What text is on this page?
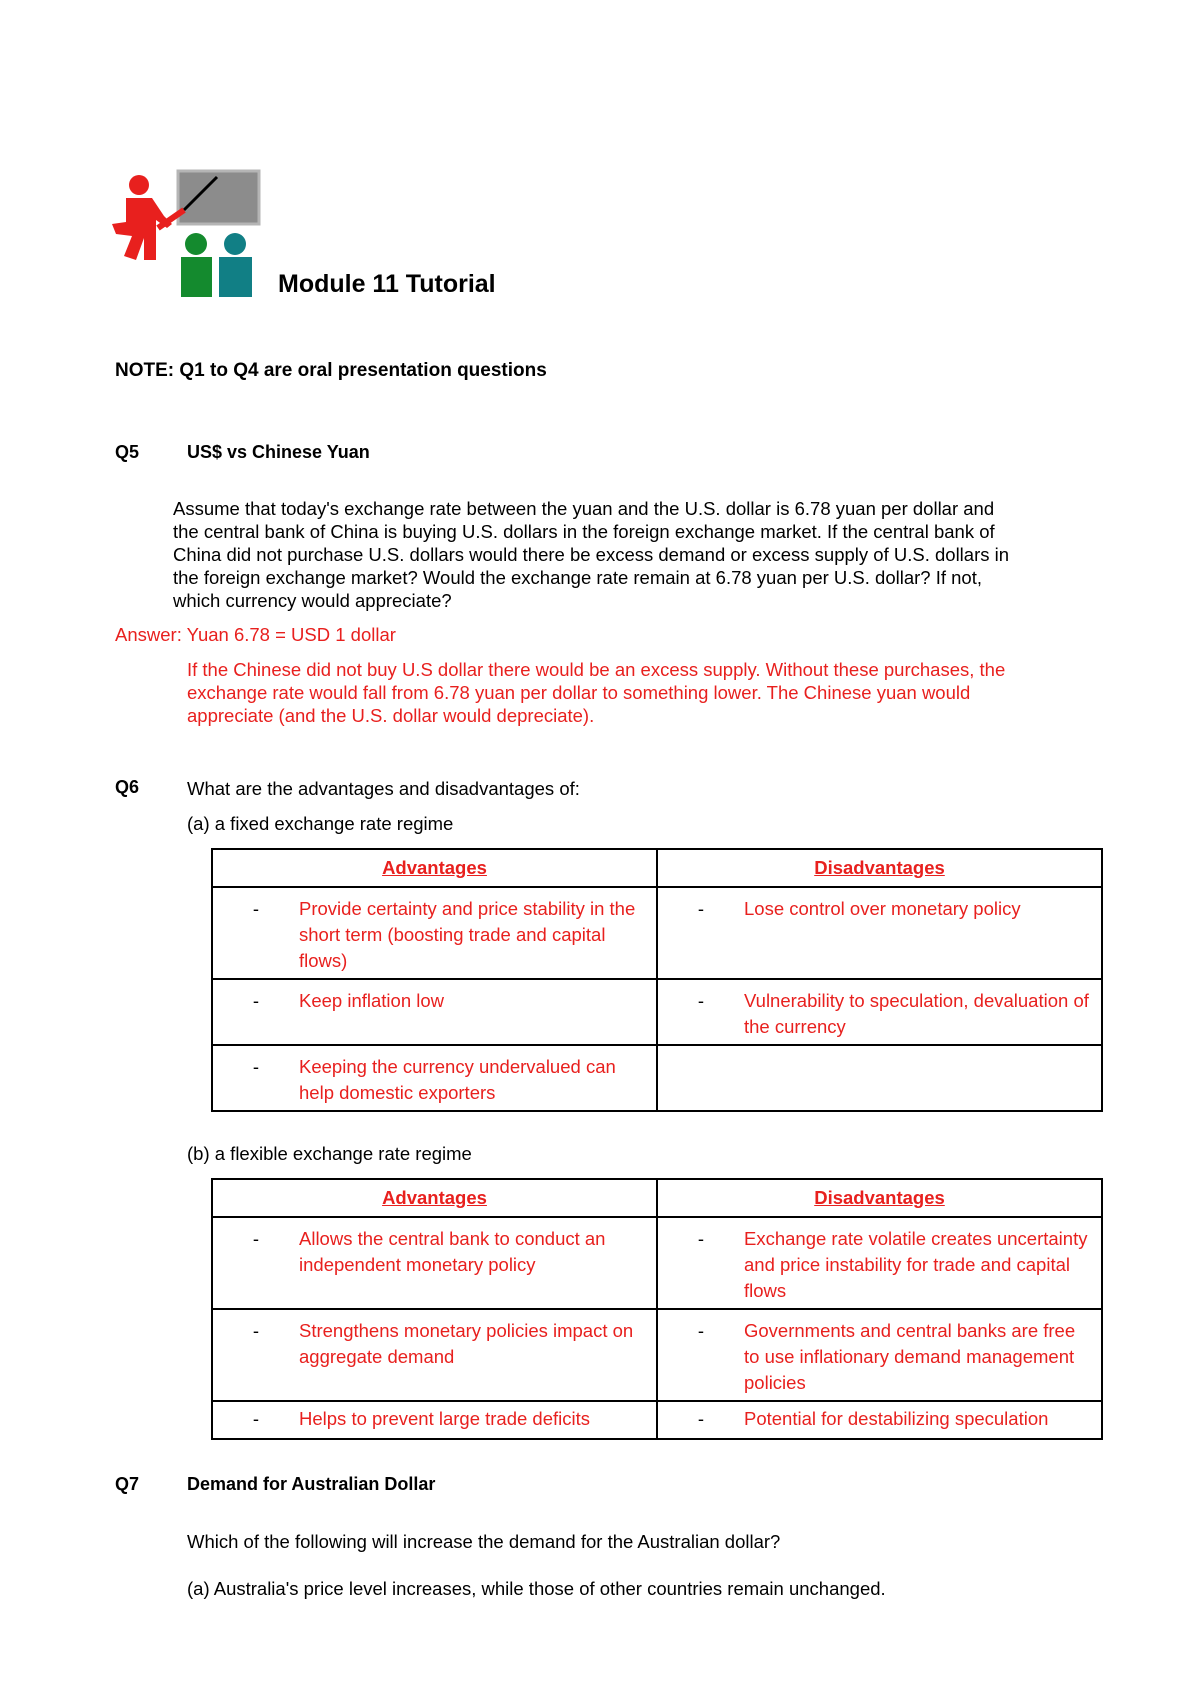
Module 11 Tutorial
NOTE: Q1 to Q4 are oral presentation questions
Q5	US$ vs Chinese Yuan
Assume that today's exchange rate between the yuan and the U.S. dollar is 6.78 yuan per dollar and
the central bank of China is buying U.S. dollars in the foreign exchange market. If the central bank of
China did not purchase U.S. dollars would there be excess demand or excess supply of U.S. dollars in
the foreign exchange market? Would the exchange rate remain at 6.78 yuan per U.S. dollar? If not,
which currency would appreciate?
Answer: Yuan 6.78 = USD 1 dollar
If the Chinese did not buy U.S dollar there would be an excess supply. Without these purchases, the
exchange rate would fall from 6.78 yuan per dollar to something lower. The Chinese yuan would
appreciate (and the U.S. dollar would depreciate).
Q6	What are the advantages and disadvantages of:
(a) a fixed exchange rate regime
Advantages	Disadvantages

- Provide certainty and price stability in the short term (boosting trade and capital flows)	- Lose control over monetary policy

- Keep inflation low	- Vulnerability to speculation, devaluation of the currency

- Keeping the currency undervalued can help domestic exporters	

(b) a flexible exchange rate regime
Advantages	Disadvantages

- Allows the central bank to conduct an independent monetary policy	- Exchange rate volatile creates uncertainty and price instability for trade and capital flows

- Strengthens monetary policies impact on aggregate demand	- Governments and central banks are free to use inflationary demand management policies

- Helps to prevent large trade deficits	- Potential for destabilizing speculation
Q7	Demand for Australian Dollar
Which of the following will increase the demand for the Australian dollar?
(a) Australia's price level increases, while those of other countries remain unchanged.
